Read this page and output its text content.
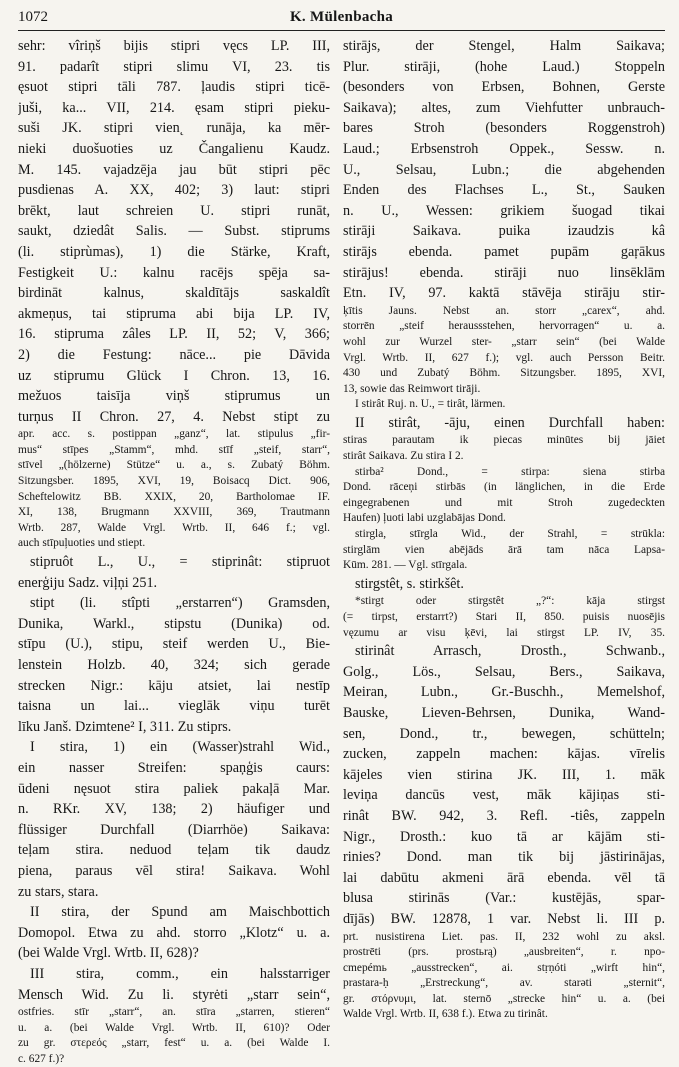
1072	K. Mülenbacha
sehr: vîriņš bijis stipri vęcs LP. III,
91. padarît stipri slimu VI, 23. tis
ęsuot stipri tāli 787. ļaudis stipri ticē-
juši, ka... VII, 214. ęsam stipri pieku-
suši JK. stipri vien˛ runāja, ka mēr-
nieki duošuoties uz Čangalienu Kaudz.
M. 145. vajadzēja jau būt stipri pēc
pusdienas A. XX, 402; 3) laut: stipri
brēkt, laut schreien U. stipri runāt,
saukt, dziedât Salis. — Subst. stiprums
(li. stiprùmas), 1) die Stärke, Kraft,
Festigkeit U.: kalnu racējs spēja sa-
birdināt kalnus, skaldītājs saskaldît
akmeņus, tai stipruma abi bija LP. IV,
16. stipruma zâles LP. II, 52; V, 366;
2) die Festung: nāce... pie Dāvida
uz stiprumu Glück I Chron. 13, 16.
mežuos taisīja viņš stiprumus un
turņus II Chron. 27, 4. Nebst stipt zu
apr. acc. s. postippan „ganz“, lat. stipulus „fir-
mus“ stīpes „Stamm“, mhd. stīf „steif, starr“,
stīvel „(hölzerne) Stütze“ u. a., s. Zubatý Böhm.
Sitzungsber. 1895, XVI, 19, Boisacq Dict. 906,
Scheftelowitz BB. XXIX, 20, Bartholomae IF.
XI, 138, Brugmann XXVIII, 369, Trautmann
Wrtb. 287, Walde Vrgl. Wrtb. II, 646 f.; vgl.
auch stīpuļuoties und stiept.
stipruôt L., U., = stiprinât: stipruot
enerģiju Sadz. viļņi 251.
stipt (li. stîpti „erstarren“) Gramsden,
Dunika, Warkl., stipstu (Dunika) od.
stīpu (U.), stipu, steif werden U., Bie-
lenstein Holzb. 40, 324; sich gerade
strecken Nigr.: kāju atsiet, lai nestīp
taisna un lai... vieglāk viņu turēt
līku Janš. Dzimtene² I, 311. Zu stiprs.
I stira, 1) ein (Wasser)strahl Wid.,
ein nasser Streifen: spaņģis caurs:
ūdeni nęsuot stira paliek pakaļā Mar.
n. RKr. XV, 138; 2) häufiger und
flüssiger Durchfall (Diarrhöe) Saikava:
teļam stira. neduod teļam tik daudz
piena, paraus vēl stira! Saikava. Wohl
zu stars, stara.
II stira, der Spund am Maischbottich
Domopol. Etwa zu ahd. storro „Klotz“ u. a.
(bei Walde Vrgl. Wrtb. II, 628)?
III stira, comm., ein halsstarriger
Mensch Wid. Zu li. styrėti „starr sein“,
ostfries. stīr „starr“, an. stīra „starren, stieren“
u. a. (bei Walde Vrgl. Wrtb. II, 610)? Oder
zu gr. στερεός „starr, fest“ u. a. (bei Walde I.
c. 627 f.)?
stirājs, der Stengel, Halm Saikava;
Plur. stirāji, (hohe Laud.) Stoppeln
(besonders von Erbsen, Bohnen, Gerste
Saikava); altes, zum Viehfutter unbrauch-
bares Stroh (besonders Roggenstroh)
Laud.; Erbsenstroh Oppek., Sessw. n.
U., Selsau, Lubn.; die abgehenden
Enden des Flachses L., St., Sauken
n. U., Wessen: grikiem šuogad tikai
stirāji Saikava. puika izaudzis kâ
stirājs ebenda. pamet pupām gaŗākus
stirājus! ebenda. stirāji nuo linsēklām
Etn. IV, 97. kaktā stāvēja stirāju stir-
ķītis Jauns. Nebst an. storr „carex“, ahd.
storrēn „steif heraussstehen, hervorragen“ u. a.
wohl zur Wurzel ster- „starr sein“ (bei Walde
Vrgl. Wrtb. II, 627 f.); vgl. auch Persson Beitr.
430 und Zubatý Böhm. Sitzungsber. 1895, XVI,
13, sowie das Reimwort tirāji.
I stirât Ruj. n. U., = tirât, lärmen.
II stirât, -āju, einen Durchfall haben:
stiras parautam ik piecas minūtes bij jāiet
stirât Saikava. Zu stira I 2.
stirba² Dond., = stirpa: siena stirba
Dond. rāceņi stirbās (in länglichen, in die Erde
eingegrabenen und mit Stroh zugedeckten
Haufen) ļuoti labi uzglabājas Dond.
stirgla, stīrgla Wid., der Strahl, = strūkla:
stirglām vien abējāds ārā tam nāca Lapsa-
Kūm. 281. — Vgl. stīrgala.
stirgstêt, s. stirkšêt.
*stirgt oder stirgstêt „?“: kāja stirgst
(= tirpst, erstarrt?) Stari II, 850. puisis nuosējis
vęzumu ar visu ķēvi, lai stirgst LP. IV, 35.
stirinât Arrasch, Drosth., Schwanb.,
Golg., Lös., Selsau, Bers., Saikava,
Meiran, Lubn., Gr.-Buschh., Memelshof,
Bauske, Lieven-Behrsen, Dunika, Wand-
sen, Dond., tr., bewegen, schütteln;
zucken, zappeln machen: kājas. vīrelis
kājeles vien stirina JK. III, 1. māk
leviņa dancūs vest, māk kājiņas sti-
rinât BW. 942, 3. Refl. -tiês, zappeln
Nigr., Drosth.: kuo tā ar kājām sti-
rinies? Dond. man tik bij jāstirinājas,
lai dabūtu akmeni ārā ebenda. vēl tā
blusa stirinās (Var.: kustējās, spar-
dījās) BW. 12878, 1 var. Nebst li. III p.
prt. nusistirena Liet. pas. II, 232 wohl zu aksl.
prostrēti (prs. prostьrą) „ausbreiten“, r. npo-
cmepémь „ausstrecken“, ai. stṛṇóti „wirft hin“,
prastara-ḥ „Erstreckung“, av. starəti „sternit“,
gr. στόρνυμι, lat. sternō „strecke hin“ u. a. (bei
Walde Vrgl. Wrtb. II, 638 f.). Etwa zu tirinât.
